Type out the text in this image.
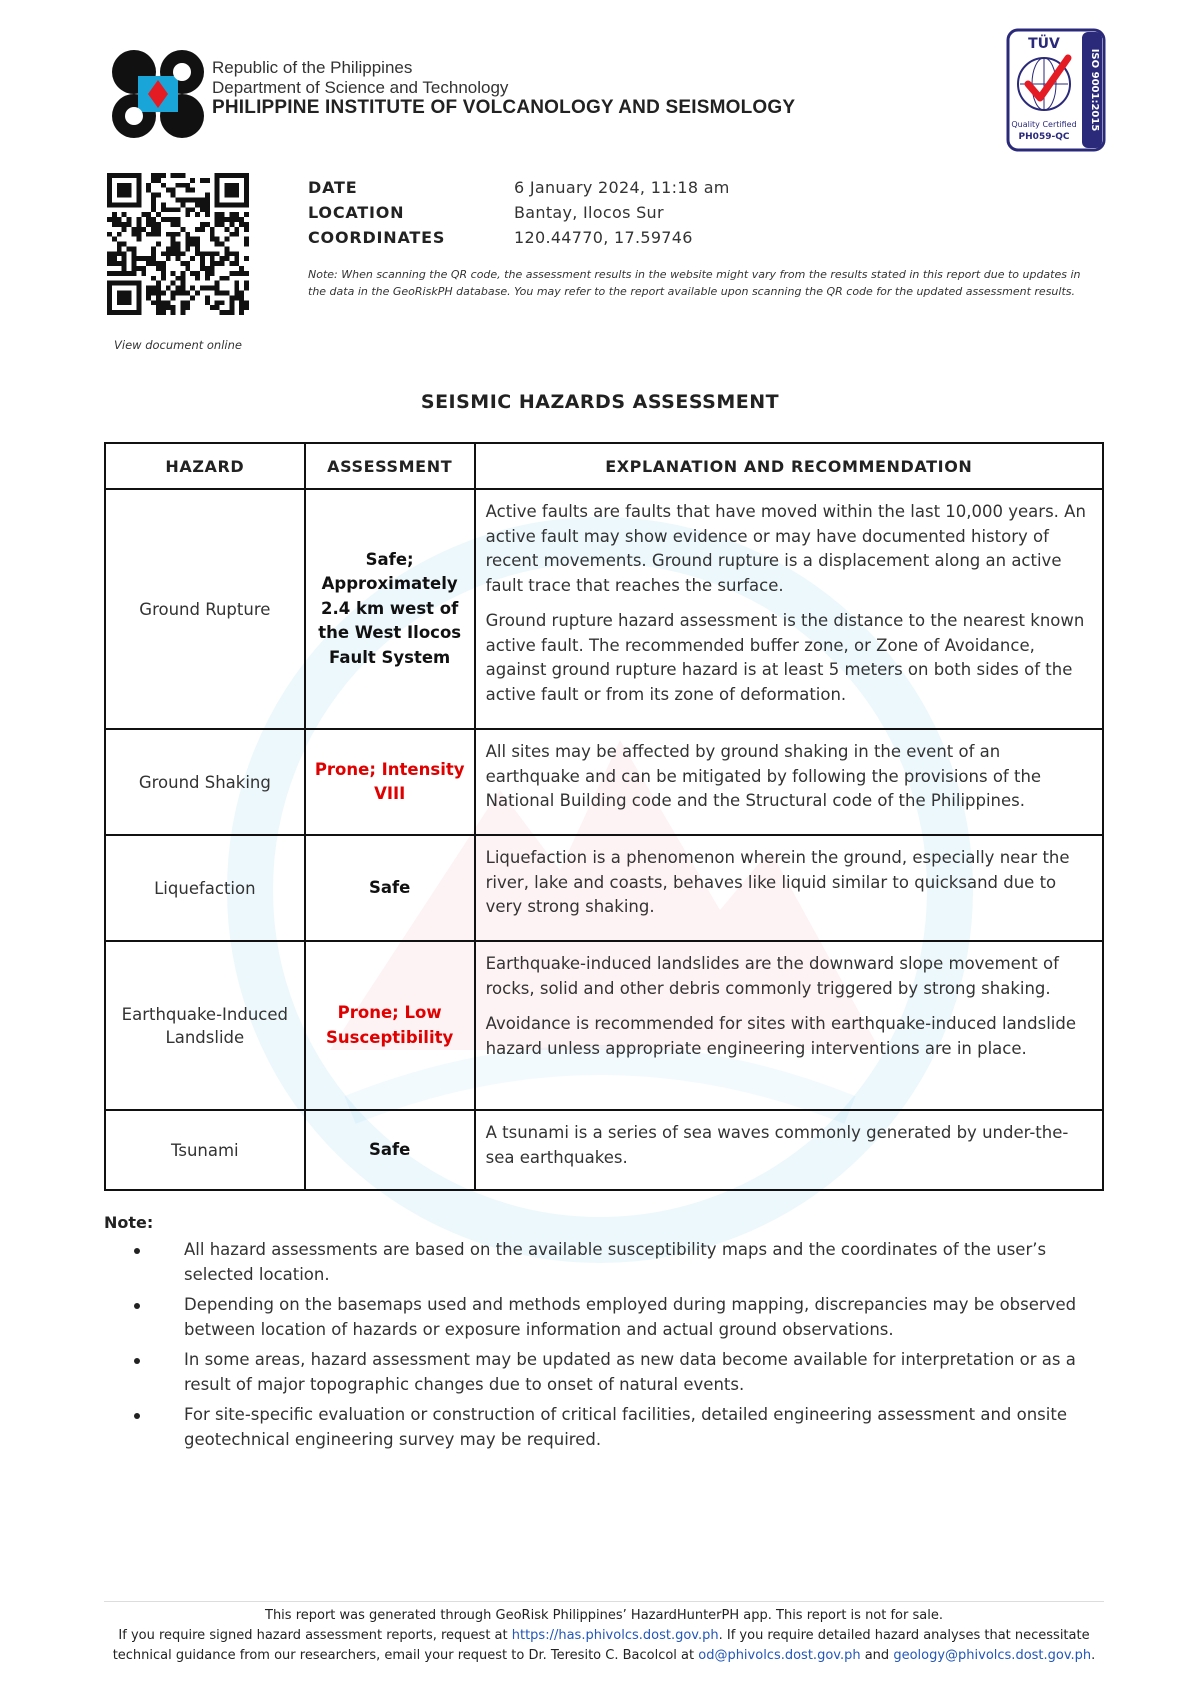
Republic of the Philippines
Department of Science and Technology
PHILIPPINE INSTITUTE OF VOLCANOLOGY AND SEISMOLOGY	ISO 9001:2015
TÜV
Quality Certified
PH059-QC
View document online
DATE	6 January 2024, 11:18 am
LOCATION	Bantay, Ilocos Sur
COORDINATES	120.44770, 17.59746
Note: When scanning the QR code, the assessment results in the website might vary from the results stated in this report due to updates in the data in the GeoRiskPH database. You may refer to the report available upon scanning the QR code for the updated assessment results.
SEISMIC HAZARDS ASSESSMENT
HAZARD	ASSESSMENT	EXPLANATION AND RECOMMENDATION
Ground Rupture	Safe; Approximately 2.4 km west of the West Ilocos Fault System	Active faults are faults that have moved within the last 10,000 years. An active fault may show evidence or may have documented history of recent movements. Ground rupture is a displacement along an active fault trace that reaches the surface.

Ground rupture hazard assessment is the distance to the nearest known active fault. The recommended buffer zone, or Zone of Avoidance, against ground rupture hazard is at least 5 meters on both sides of the active fault or from its zone of deformation.

Ground Shaking	Prone; Intensity VIII	All sites may be affected by ground shaking in the event of an earthquake and can be mitigated by following the provisions of the National Building code and the Structural code of the Philippines.

Liquefaction	Safe	Liquefaction is a phenomenon wherein the ground, especially near the river, lake and coasts, behaves like liquid similar to quicksand due to very strong shaking.

Earthquake-Induced Landslide	Prone; Low Susceptibility	Earthquake-induced landslides are the downward slope movement of rocks, solid and other debris commonly triggered by strong shaking.

Avoidance is recommended for sites with earthquake-induced landslide hazard unless appropriate engineering interventions are in place.

Tsunami	Safe	A tsunami is a series of sea waves commonly generated by under-the-sea earthquakes.

Note:
All hazard assessments are based on the available susceptibility maps and the coordinates of the user’s selected location.
Depending on the basemaps used and methods employed during mapping, discrepancies may be observed between location of hazards or exposure information and actual ground observations.
In some areas, hazard assessment may be updated as new data become available for interpretation or as a result of major topographic changes due to onset of natural events.
For site-specific evaluation or construction of critical facilities, detailed engineering assessment and onsite geotechnical engineering survey may be required.
This report was generated through GeoRisk Philippines’ HazardHunterPH app. This report is not for sale.
If you require signed hazard assessment reports, request at https://has.phivolcs.dost.gov.ph. If you require detailed hazard analyses that necessitate technical guidance from our researchers, email your request to Dr. Teresito C. Bacolcol at od@phivolcs.dost.gov.ph and geology@phivolcs.dost.gov.ph.
